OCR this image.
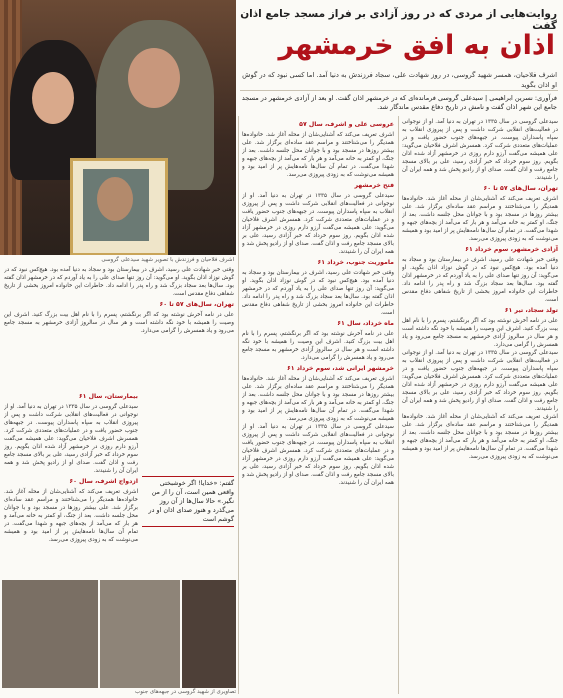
اشرف فلاحیان و فرزندش با تصویر شهید سیدعلی گروسی
روایت‌هایی از مردی که در روز آزادی بر فراز مسجد جامع اذان گفت
اذان به افق خرمشهر
اشرف فلاحیان، همسر شهید گروسی، در روز شهادت علی، سجاد فرزندش به دنیا آمد. اما کسی نبود که در گوش او اذان بگوید
فرآوری: نسرین ابراهیمی | سیدعلی گروسی فرمانده‌ای که در خرمشهر اذان گفت. او بعد از آزادی خرمشهر در مسجد جامع این شهر اذان گفت و نامش در تاریخ دفاع مقدس ماندگار شد.

سیدعلی گروسی در سال ۱۳۳۵ در تهران به دنیا آمد. او از نوجوانی در فعالیت‌های انقلابی شرکت داشت و پس از پیروزی انقلاب به سپاه پاسداران پیوست. در جبهه‌های جنوب حضور یافت و در عملیات‌های متعددی شرکت کرد. همسرش اشرف فلاحیان می‌گوید: علی همیشه می‌گفت آرزو دارم روزی در خرمشهر آزاد شده اذان بگویم. روز سوم خرداد که خبر آزادی رسید، علی بر بالای مسجد جامع رفت و اذان گفت. صدای او از رادیو پخش شد و همه ایران آن را شنیدند.

تهران، سال‌های ۵۷ تا ۶۰

اشرف تعریف می‌کند که آشنایی‌شان از محله آغاز شد. خانواده‌ها همدیگر را می‌شناختند و مراسم عقد ساده‌ای برگزار شد. علی بیشتر روزها در مسجد بود و با جوانان محل جلسه داشت. بعد از جنگ، او کمتر به خانه می‌آمد و هر بار که می‌آمد از بچه‌های جبهه و شهدا می‌گفت. در تمام آن سال‌ها نامه‌هایش پر از امید بود و همیشه می‌نوشت که به زودی پیروزی می‌رسد.

آزادی خرمشهر، سوم خرداد ۶۱

وقتی خبر شهادت علی رسید، اشرف در بیمارستان بود و سجاد به دنیا آمده بود. هیچ‌کس نبود که در گوش نوزاد اذان بگوید. او می‌گوید: آن روز تنها صدای علی را به یاد آوردم که در خرمشهر اذان گفته بود. سال‌ها بعد سجاد بزرگ شد و راه پدر را ادامه داد. خاطرات این خانواده امروز بخشی از تاریخ شفاهی دفاع مقدس است.

تولد سجاد، تیر ۶۱

علی در نامه آخرش نوشته بود که اگر برنگشتم، پسرم را با نام اهل بیت بزرگ کنید. اشرف این وصیت را همیشه با خود نگه داشته است و هر سال در سالروز آزادی خرمشهر به مسجد جامع می‌رود و یاد همسرش را گرامی می‌دارد.

سیدعلی گروسی در سال ۱۳۳۵ در تهران به دنیا آمد. او از نوجوانی در فعالیت‌های انقلابی شرکت داشت و پس از پیروزی انقلاب به سپاه پاسداران پیوست. در جبهه‌های جنوب حضور یافت و در عملیات‌های متعددی شرکت کرد. همسرش اشرف فلاحیان می‌گوید: علی همیشه می‌گفت آرزو دارم روزی در خرمشهر آزاد شده اذان بگویم. روز سوم خرداد که خبر آزادی رسید، علی بر بالای مسجد جامع رفت و اذان گفت. صدای او از رادیو پخش شد و همه ایران آن را شنیدند.

اشرف تعریف می‌کند که آشنایی‌شان از محله آغاز شد. خانواده‌ها همدیگر را می‌شناختند و مراسم عقد ساده‌ای برگزار شد. علی بیشتر روزها در مسجد بود و با جوانان محل جلسه داشت. بعد از جنگ، او کمتر به خانه می‌آمد و هر بار که می‌آمد از بچه‌های جبهه و شهدا می‌گفت. در تمام آن سال‌ها نامه‌هایش پر از امید بود و همیشه می‌نوشت که به زودی پیروزی می‌رسد.

عروسی علی و اشرف، سال ۵۷

اشرف تعریف می‌کند که آشنایی‌شان از محله آغاز شد. خانواده‌ها همدیگر را می‌شناختند و مراسم عقد ساده‌ای برگزار شد. علی بیشتر روزها در مسجد بود و با جوانان محل جلسه داشت. بعد از جنگ، او کمتر به خانه می‌آمد و هر بار که می‌آمد از بچه‌های جبهه و شهدا می‌گفت. در تمام آن سال‌ها نامه‌هایش پر از امید بود و همیشه می‌نوشت که به زودی پیروزی می‌رسد.

فتح خرمشهر

سیدعلی گروسی در سال ۱۳۳۵ در تهران به دنیا آمد. او از نوجوانی در فعالیت‌های انقلابی شرکت داشت و پس از پیروزی انقلاب به سپاه پاسداران پیوست. در جبهه‌های جنوب حضور یافت و در عملیات‌های متعددی شرکت کرد. همسرش اشرف فلاحیان می‌گوید: علی همیشه می‌گفت آرزو دارم روزی در خرمشهر آزاد شده اذان بگویم. روز سوم خرداد که خبر آزادی رسید، علی بر بالای مسجد جامع رفت و اذان گفت. صدای او از رادیو پخش شد و همه ایران آن را شنیدند.

ماموریت جنوب، خرداد ۶۱

وقتی خبر شهادت علی رسید، اشرف در بیمارستان بود و سجاد به دنیا آمده بود. هیچ‌کس نبود که در گوش نوزاد اذان بگوید. او می‌گوید: آن روز تنها صدای علی را به یاد آوردم که در خرمشهر اذان گفته بود. سال‌ها بعد سجاد بزرگ شد و راه پدر را ادامه داد. خاطرات این خانواده امروز بخشی از تاریخ شفاهی دفاع مقدس است.

ماه خرداد، سال ۶۱

علی در نامه آخرش نوشته بود که اگر برنگشتم، پسرم را با نام اهل بیت بزرگ کنید. اشرف این وصیت را همیشه با خود نگه داشته است و هر سال در سالروز آزادی خرمشهر به مسجد جامع می‌رود و یاد همسرش را گرامی می‌دارد.

خرمشهر ایرانی شد، سوم خرداد ۶۱

اشرف تعریف می‌کند که آشنایی‌شان از محله آغاز شد. خانواده‌ها همدیگر را می‌شناختند و مراسم عقد ساده‌ای برگزار شد. علی بیشتر روزها در مسجد بود و با جوانان محل جلسه داشت. بعد از جنگ، او کمتر به خانه می‌آمد و هر بار که می‌آمد از بچه‌های جبهه و شهدا می‌گفت. در تمام آن سال‌ها نامه‌هایش پر از امید بود و همیشه می‌نوشت که به زودی پیروزی می‌رسد.

سیدعلی گروسی در سال ۱۳۳۵ در تهران به دنیا آمد. او از نوجوانی در فعالیت‌های انقلابی شرکت داشت و پس از پیروزی انقلاب به سپاه پاسداران پیوست. در جبهه‌های جنوب حضور یافت و در عملیات‌های متعددی شرکت کرد. همسرش اشرف فلاحیان می‌گوید: علی همیشه می‌گفت آرزو دارم روزی در خرمشهر آزاد شده اذان بگویم. روز سوم خرداد که خبر آزادی رسید، علی بر بالای مسجد جامع رفت و اذان گفت. صدای او از رادیو پخش شد و همه ایران آن را شنیدند.

وقتی خبر شهادت علی رسید، اشرف در بیمارستان بود و سجاد به دنیا آمده بود. هیچ‌کس نبود که در گوش نوزاد اذان بگوید. او می‌گوید: آن روز تنها صدای علی را به یاد آوردم که در خرمشهر اذان گفته بود. سال‌ها بعد سجاد بزرگ شد و راه پدر را ادامه داد. خاطرات این خانواده امروز بخشی از تاریخ شفاهی دفاع مقدس است.

تهران، سال‌های ۵۷ تا ۶۰

علی در نامه آخرش نوشته بود که اگر برنگشتم، پسرم را با نام اهل بیت بزرگ کنید. اشرف این وصیت را همیشه با خود نگه داشته است و هر سال در سالروز آزادی خرمشهر به مسجد جامع می‌رود و یاد همسرش را گرامی می‌دارد.

بیمارستان، سال ۶۱

سیدعلی گروسی در سال ۱۳۳۵ در تهران به دنیا آمد. او از نوجوانی در فعالیت‌های انقلابی شرکت داشت و پس از پیروزی انقلاب به سپاه پاسداران پیوست. در جبهه‌های جنوب حضور یافت و در عملیات‌های متعددی شرکت کرد. همسرش اشرف فلاحیان می‌گوید: علی همیشه می‌گفت آرزو دارم روزی در خرمشهر آزاد شده اذان بگویم. روز سوم خرداد که خبر آزادی رسید، علی بر بالای مسجد جامع رفت و اذان گفت. صدای او از رادیو پخش شد و همه ایران آن را شنیدند.

ازدواج اشرف، سال ۶۰

اشرف تعریف می‌کند که آشنایی‌شان از محله آغاز شد. خانواده‌ها همدیگر را می‌شناختند و مراسم عقد ساده‌ای برگزار شد. علی بیشتر روزها در مسجد بود و با جوانان محل جلسه داشت. بعد از جنگ، او کمتر به خانه می‌آمد و هر بار که می‌آمد از بچه‌های جبهه و شهدا می‌گفت. در تمام آن سال‌ها نامه‌هایش پر از امید بود و همیشه می‌نوشت که به زودی پیروزی می‌رسد.

گفتم: «خدایا! اگر خوشبختی واقعی همین است، آن را از من نگیر.» حالا سال‌ها از آن روز می‌گذرد و هنوز صدای اذان او در گوشم است
تصاویری از شهید گروسی در جبهه‌های جنوب
